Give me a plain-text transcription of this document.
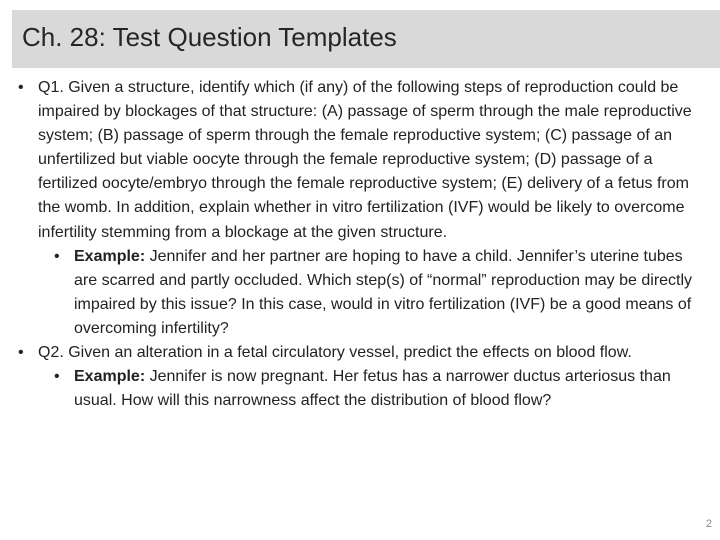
Ch. 28: Test Question Templates
• Q1. Given a structure, identify which (if any) of the following steps of reproduction could be impaired by blockages of that structure: (A) passage of sperm through the male reproductive system; (B) passage of sperm through the female reproductive system; (C) passage of an unfertilized but viable oocyte through the female reproductive system; (D) passage of a fertilized oocyte/embryo through the female reproductive system; (E) delivery of a fetus from the womb. In addition, explain whether in vitro fertilization (IVF) would be likely to overcome infertility stemming from a blockage at the given structure.
• Example: Jennifer and her partner are hoping to have a child. Jennifer’s uterine tubes are scarred and partly occluded. Which step(s) of “normal” reproduction may be directly impaired by this issue? In this case, would in vitro fertilization (IVF) be a good means of overcoming infertility?
• Q2. Given an alteration in a fetal circulatory vessel, predict the effects on blood flow.
• Example: Jennifer is now pregnant. Her fetus has a narrower ductus arteriosus than usual. How will this narrowness affect the distribution of blood flow?
2
